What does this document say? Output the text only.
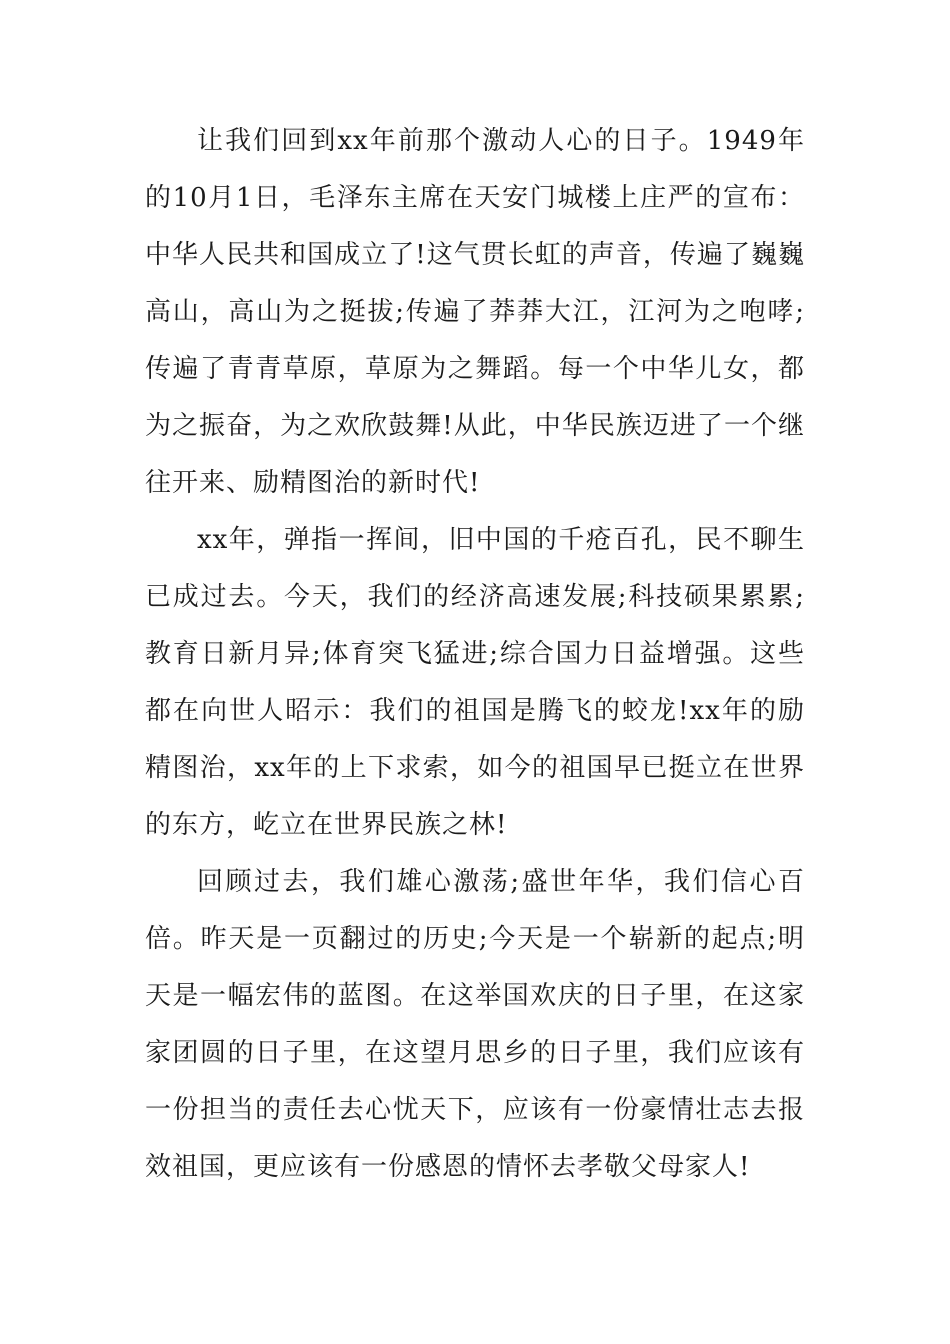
让我们回到xx年前那个激动人心的日子。1949年的10月1日，毛泽东主席在天安门城楼上庄严的宣布：中华人民共和国成立了!这气贯长虹的声音，传遍了巍巍高山，高山为之挺拔;传遍了莽莽大江，江河为之咆哮;传遍了青青草原，草原为之舞蹈。每一个中华儿女，都为之振奋，为之欢欣鼓舞!从此，中华民族迈进了一个继往开来、励精图治的新时代!

xx年，弹指一挥间，旧中国的千疮百孔，民不聊生已成过去。今天，我们的经济高速发展;科技硕果累累;教育日新月异;体育突飞猛进;综合国力日益增强。这些都在向世人昭示：我们的祖国是腾飞的蛟龙!xx年的励精图治，xx年的上下求索，如今的祖国早已挺立在世界的东方，屹立在世界民族之林!

回顾过去，我们雄心激荡;盛世年华，我们信心百倍。昨天是一页翻过的历史;今天是一个崭新的起点;明天是一幅宏伟的蓝图。在这举国欢庆的日子里，在这家家团圆的日子里，在这望月思乡的日子里，我们应该有一份担当的责任去心忧天下，应该有一份豪情壮志去报效祖国，更应该有一份感恩的情怀去孝敬父母家人!
